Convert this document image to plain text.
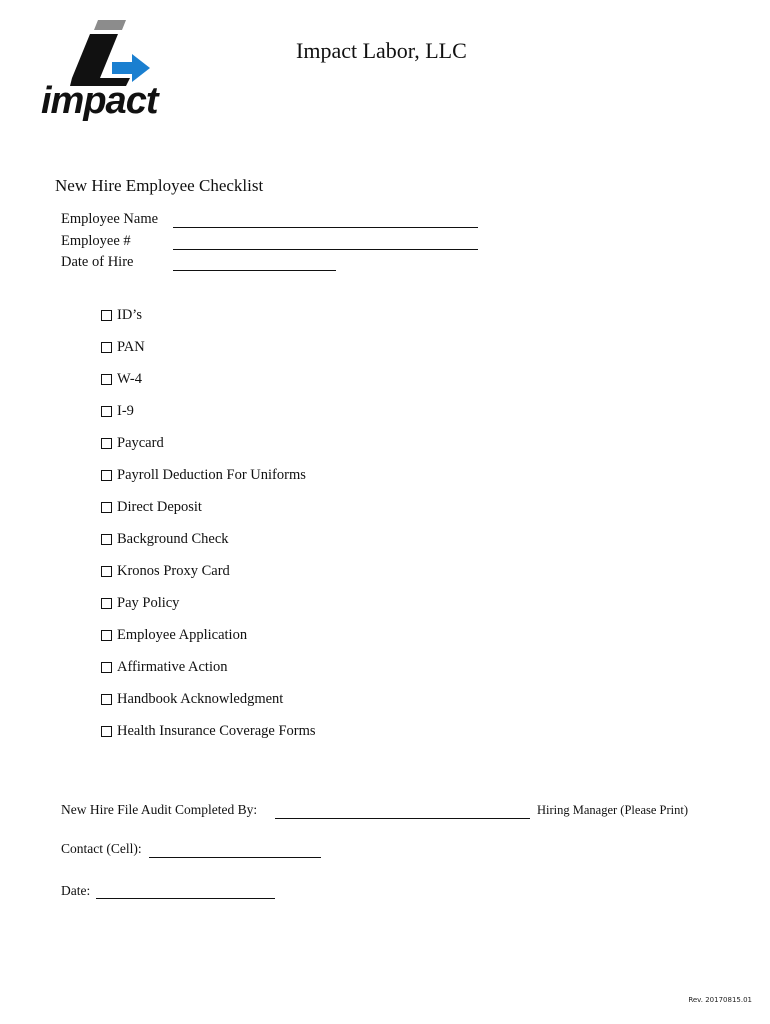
impact
Impact Labor, LLC
New Hire Employee Checklist
Employee Name
Employee #
Date of Hire
ID’s
PAN
W-4
I-9
Paycard
Payroll Deduction For Uniforms
Direct Deposit
Background Check
Kronos Proxy Card
Pay Policy
Employee Application
Affirmative Action
Handbook Acknowledgment
Health Insurance Coverage Forms
New Hire File Audit Completed By:	Hiring Manager (Please Print)
Contact (Cell):
Date:
Rev. 20170815.01
